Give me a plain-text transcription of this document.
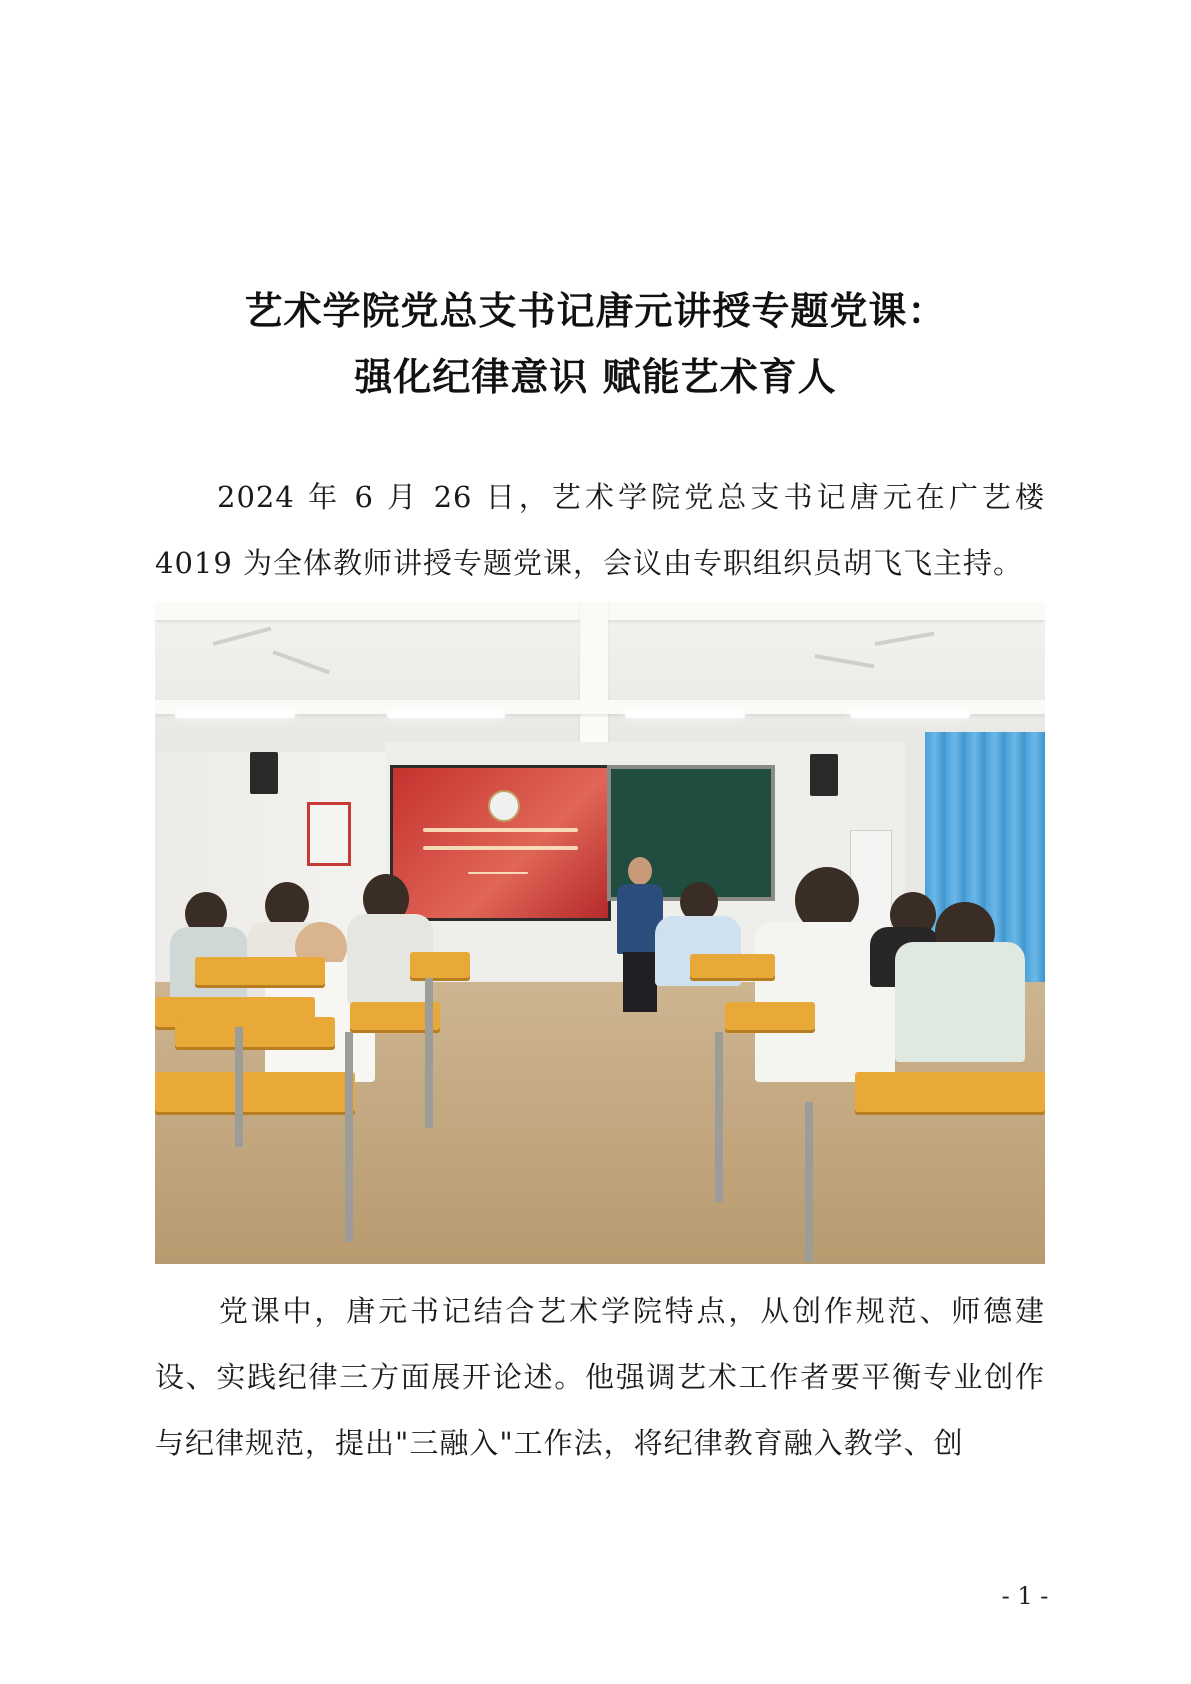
艺术学院党总支书记唐元讲授专题党课：
强化纪律意识 赋能艺术育人
2024 年 6 月 26 日，艺术学院党总支书记唐元在广艺楼 4019 为全体教师讲授专题党课，会议由专职组织员胡飞飞主持。
党课中，唐元书记结合艺术学院特点，从创作规范、师德建设、实践纪律三方面展开论述。他强调艺术工作者要平衡专业创作与纪律规范，提出"三融入"工作法，将纪律教育融入教学、创
- 1 -
